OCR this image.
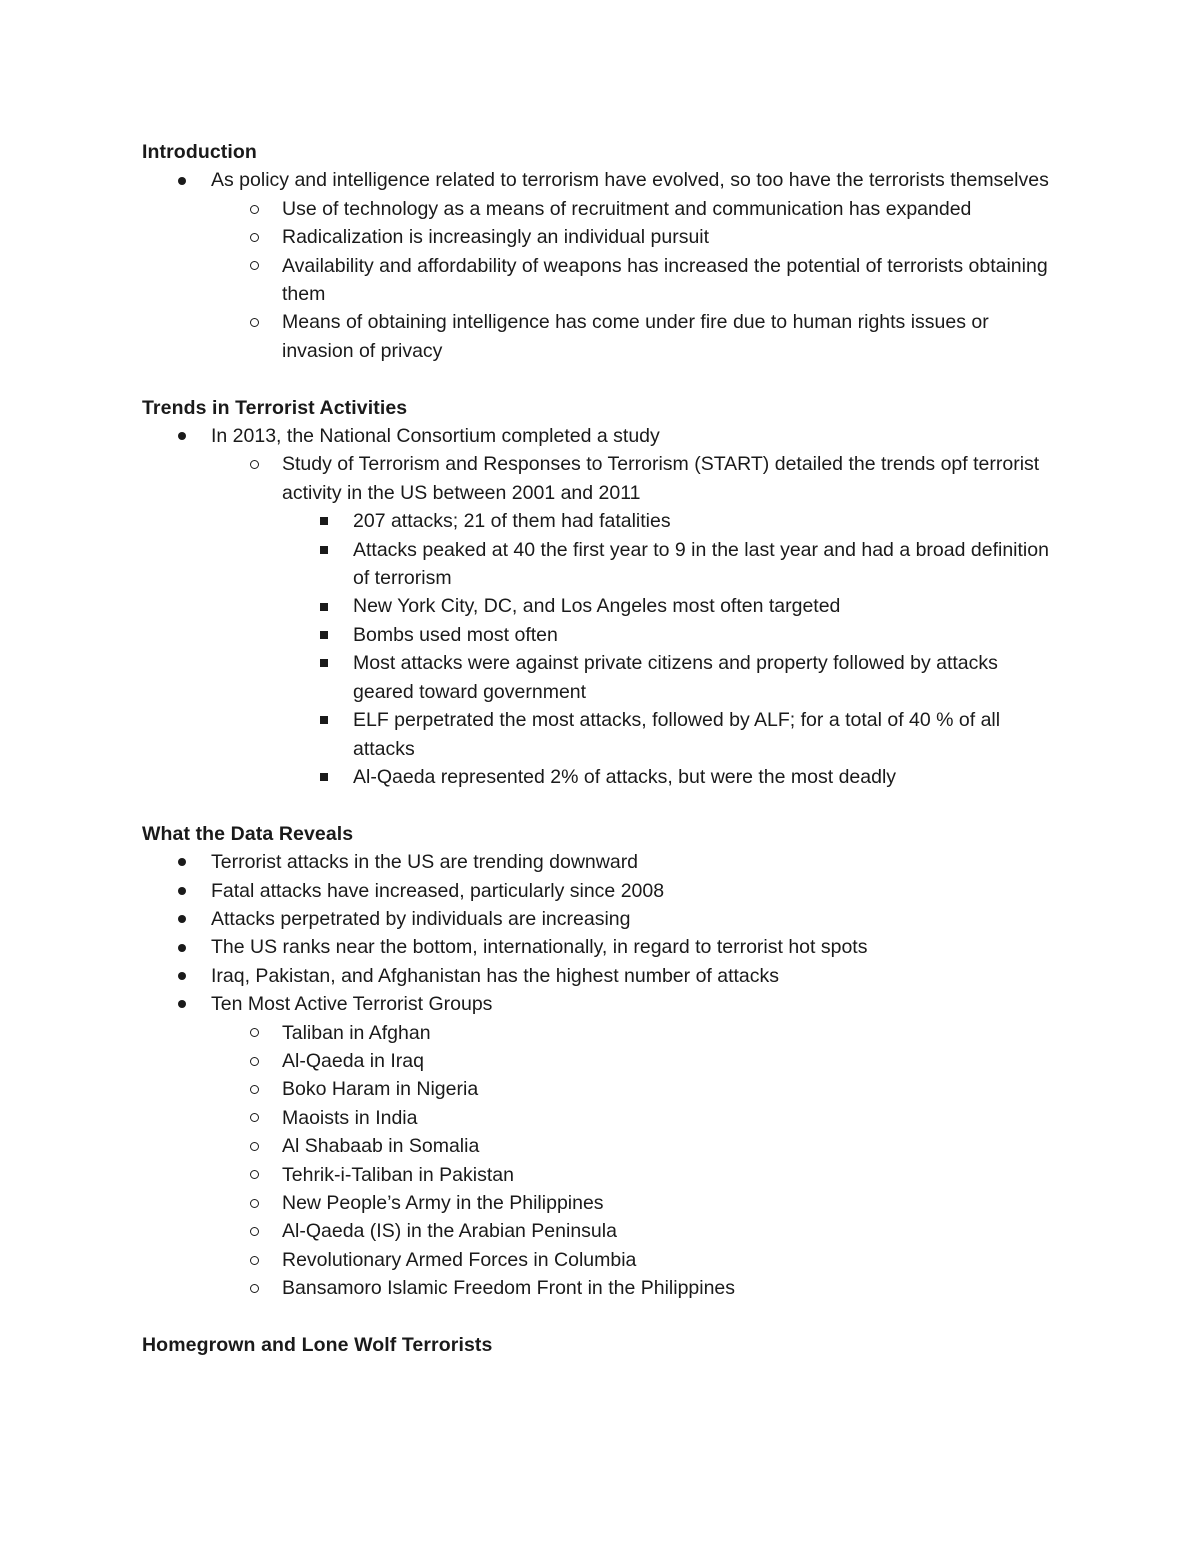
Introduction

As policy and intelligence related to terrorism have evolved, so too have the terrorists themselves
Use of technology as a means of recruitment and communication has expanded
Radicalization is increasingly an individual pursuit
Availability and affordability of weapons has increased the potential of terrorists obtaining them
Means of obtaining intelligence has come under fire due to human rights issues or invasion of privacy

Trends in Terrorist Activities

In 2013, the National Consortium completed a study
Study of Terrorism and Responses to Terrorism (START) detailed the trends opf terrorist activity in the US between 2001 and 2011
207 attacks; 21 of them had fatalities
Attacks peaked at 40 the first year to 9 in the last year and had a broad definition of terrorism
New York City, DC, and Los Angeles most often targeted
Bombs used most often
Most attacks were against private citizens and property followed by attacks geared toward government
ELF perpetrated the most attacks, followed by ALF; for a total of 40 % of all attacks
Al-Qaeda represented 2% of attacks, but were the most deadly

What the Data Reveals

Terrorist attacks in the US are trending downward
Fatal attacks have increased, particularly since 2008
Attacks perpetrated by individuals are increasing
The US ranks near the bottom, internationally, in regard to terrorist hot spots
Iraq, Pakistan, and Afghanistan has the highest number of attacks
Ten Most Active Terrorist Groups
Taliban in Afghan
Al-Qaeda in Iraq
Boko Haram in Nigeria
Maoists in India
Al Shabaab in Somalia
Tehrik-i-Taliban in Pakistan
New People’s Army in the Philippines
Al-Qaeda (IS) in the Arabian Peninsula
Revolutionary Armed Forces in Columbia
Bansamoro Islamic Freedom Front in the Philippines

Homegrown and Lone Wolf Terrorists
